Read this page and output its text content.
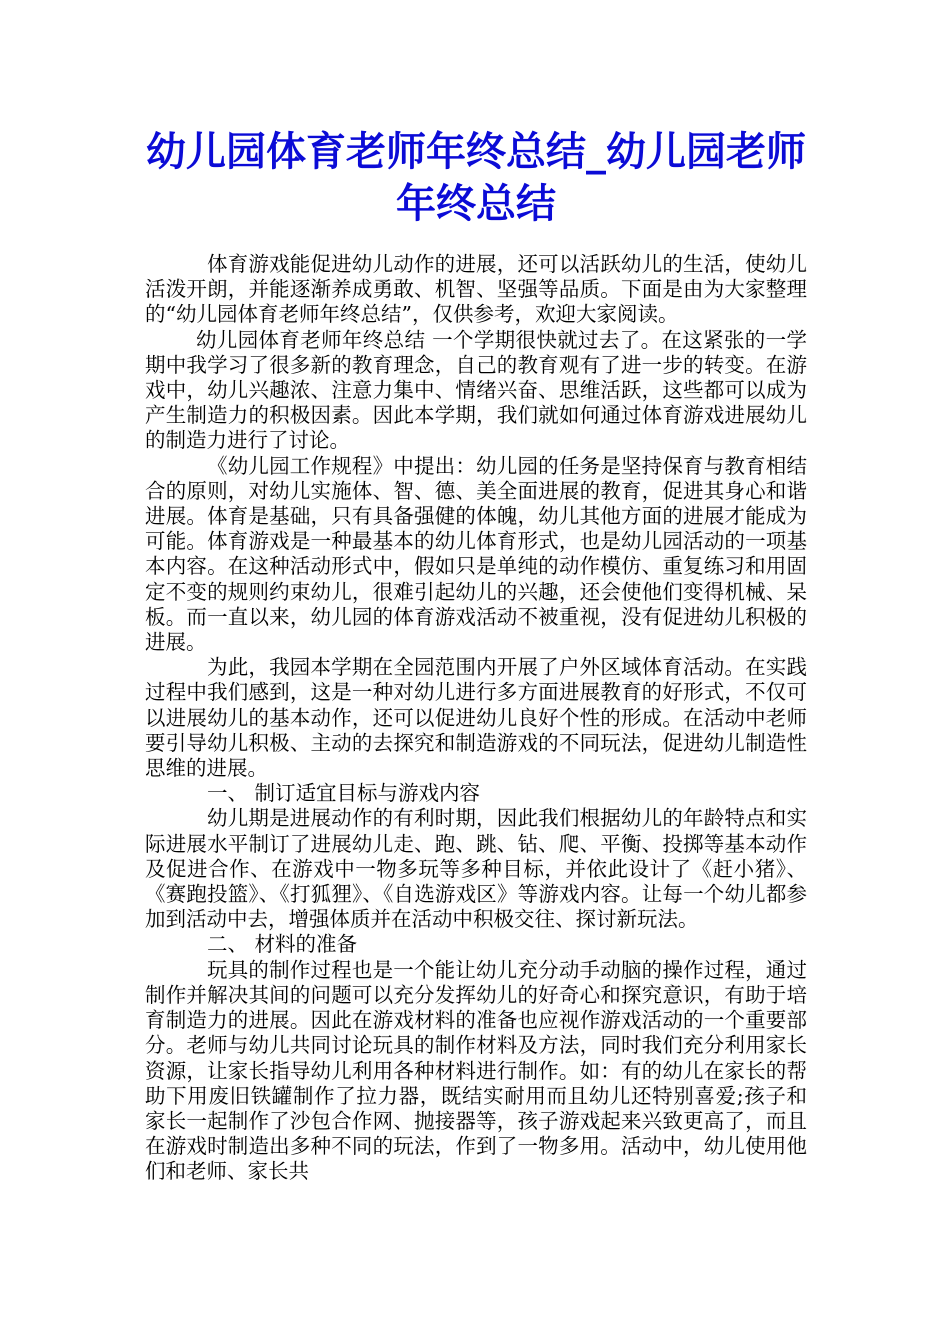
幼儿园体育老师年终总结_幼儿园老师年终总结

体育游戏能促进幼儿动作的进展，还可以活跃幼儿的生活，使幼儿活泼开朗，并能逐渐养成勇敢、机智、坚强等品质。下面是由为大家整理的“幼儿园体育老师年终总结”，仅供参考，欢迎大家阅读。

幼儿园体育老师年终总结 一个学期很快就过去了。在这紧张的一学期中我学习了很多新的教育理念，自己的教育观有了进一步的转变。在游戏中，幼儿兴趣浓、注意力集中、情绪兴奋、思维活跃，这些都可以成为产生制造力的积极因素。因此本学期，我们就如何通过体育游戏进展幼儿的制造力进行了讨论。

《幼儿园工作规程》中提出：幼儿园的任务是坚持保育与教育相结合的原则，对幼儿实施体、智、德、美全面进展的教育，促进其身心和谐进展。体育是基础，只有具备强健的体魄，幼儿其他方面的进展才能成为可能。体育游戏是一种最基本的幼儿体育形式，也是幼儿园活动的一项基本内容。在这种活动形式中，假如只是单纯的动作模仿、重复练习和用固定不变的规则约束幼儿，很难引起幼儿的兴趣，还会使他们变得机械、呆板。而一直以来，幼儿园的体育游戏活动不被重视，没有促进幼儿积极的进展。

为此，我园本学期在全园范围内开展了户外区域体育活动。在实践过程中我们感到，这是一种对幼儿进行多方面进展教育的好形式，不仅可以进展幼儿的基本动作，还可以促进幼儿良好个性的形成。在活动中老师要引导幼儿积极、主动的去探究和制造游戏的不同玩法，促进幼儿制造性思维的进展。

一、 制订适宜目标与游戏内容

幼儿期是进展动作的有利时期，因此我们根据幼儿的年龄特点和实际进展水平制订了进展幼儿走、跑、跳、钻、爬、平衡、投掷等基本动作及促进合作、在游戏中一物多玩等多种目标，并依此设计了《赶小猪》、《赛跑投篮》、《打狐狸》、《自选游戏区》等游戏内容。让每一个幼儿都参加到活动中去，增强体质并在活动中积极交往、探讨新玩法。

二、 材料的准备

玩具的制作过程也是一个能让幼儿充分动手动脑的操作过程，通过制作并解决其间的问题可以充分发挥幼儿的好奇心和探究意识，有助于培育制造力的进展。因此在游戏材料的准备也应视作游戏活动的一个重要部分。老师与幼儿共同讨论玩具的制作材料及方法，同时我们充分利用家长资源，让家长指导幼儿利用各种材料进行制作。如：有的幼儿在家长的帮助下用废旧铁罐制作了拉力器，既结实耐用而且幼儿还特别喜爱;孩子和家长一起制作了沙包合作网、抛接器等，孩子游戏起来兴致更高了，而且在游戏时制造出多种不同的玩法，作到了一物多用。活动中，幼儿使用他们和老师、家长共
